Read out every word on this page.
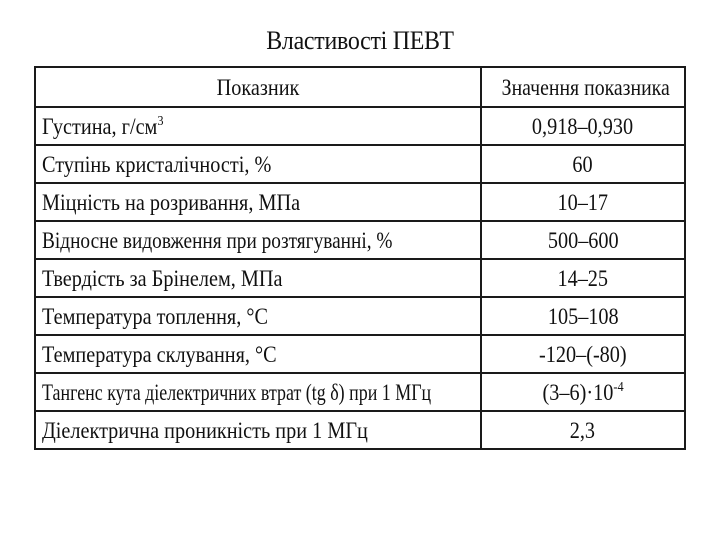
Властивості ПЕВТ
Показник	Значення показника
Густина, $г/см^3$	0,918–0,930
Ступінь кристалічності, %	60
Міцність на розривання, МПа	10–17
Відносне видовження при розтягуванні, %	500–600
Твердість за Брінелем, МПа	14–25
Температура топлення, °С	105–108
Температура склування, °С	-120–(-80)
Тангенс кута діелектричних втрат (tg δ) при 1 МГц	$(3-6)\cdot 10^{-4}$
Діелектрична проникність при 1 МГц	2,3
